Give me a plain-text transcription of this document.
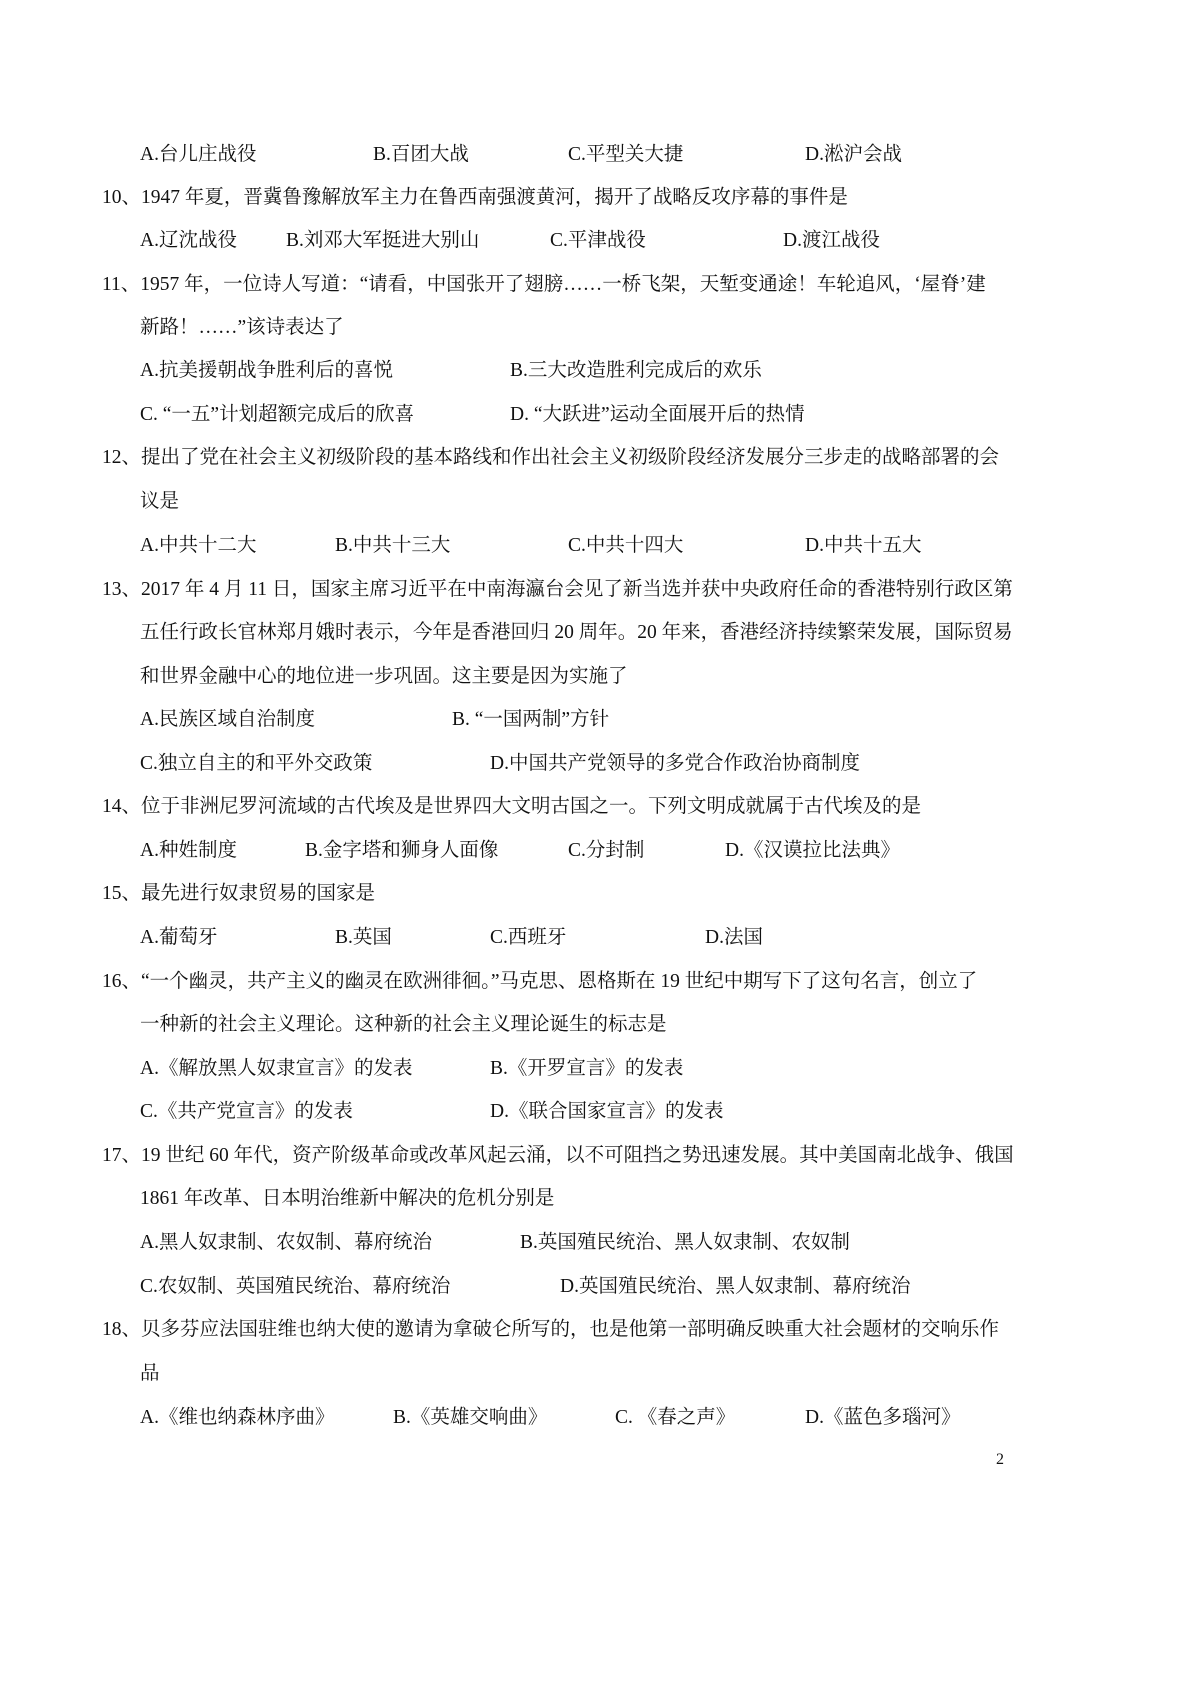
A.台儿庄战役	B.百团大战	C.平型关大捷	D.淞沪会战
10、1947 年夏，晋冀鲁豫解放军主力在鲁西南强渡黄河，揭开了战略反攻序幕的事件是
A.辽沈战役	B.刘邓大军挺进大别山	C.平津战役	D.渡江战役
11、1957 年，一位诗人写道：“请看，中国张开了翅膀……一桥飞架，天堑变通途！车轮追风，‘屋脊’建
新路！……”该诗表达了
A.抗美援朝战争胜利后的喜悦	B.三大改造胜利完成后的欢乐
C. “一五”计划超额完成后的欣喜	D. “大跃进”运动全面展开后的热情
12、提出了党在社会主义初级阶段的基本路线和作出社会主义初级阶段经济发展分三步走的战略部署的会
议是
A.中共十二大	B.中共十三大	C.中共十四大	D.中共十五大
13、2017 年 4 月 11 日，国家主席习近平在中南海瀛台会见了新当选并获中央政府任命的香港特别行政区第
五任行政长官林郑月娥时表示，今年是香港回归 20 周年。20 年来，香港经济持续繁荣发展，国际贸易
和世界金融中心的地位进一步巩固。这主要是因为实施了
A.民族区域自治制度	B. “一国两制”方针
C.独立自主的和平外交政策	D.中国共产党领导的多党合作政治协商制度
14、位于非洲尼罗河流域的古代埃及是世界四大文明古国之一。下列文明成就属于古代埃及的是
A.种姓制度	B.金字塔和狮身人面像	C.分封制	D.《汉谟拉比法典》
15、最先进行奴隶贸易的国家是
A.葡萄牙	B.英国	C.西班牙	D.法国
16、“一个幽灵，共产主义的幽灵在欧洲徘徊。”马克思、恩格斯在 19 世纪中期写下了这句名言，创立了
一种新的社会主义理论。这种新的社会主义理论诞生的标志是
A.《解放黑人奴隶宣言》的发表	B.《开罗宣言》的发表
C.《共产党宣言》的发表	D.《联合国家宣言》的发表
17、19 世纪 60 年代，资产阶级革命或改革风起云涌，以不可阻挡之势迅速发展。其中美国南北战争、俄国
1861 年改革、日本明治维新中解决的危机分别是
A.黑人奴隶制、农奴制、幕府统治	B.英国殖民统治、黑人奴隶制、农奴制
C.农奴制、英国殖民统治、幕府统治	D.英国殖民统治、黑人奴隶制、幕府统治
18、贝多芬应法国驻维也纳大使的邀请为拿破仑所写的，也是他第一部明确反映重大社会题材的交响乐作
品
A.《维也纳森林序曲》	B.《英雄交响曲》	C. 《春之声》	D.《蓝色多瑙河》
2
